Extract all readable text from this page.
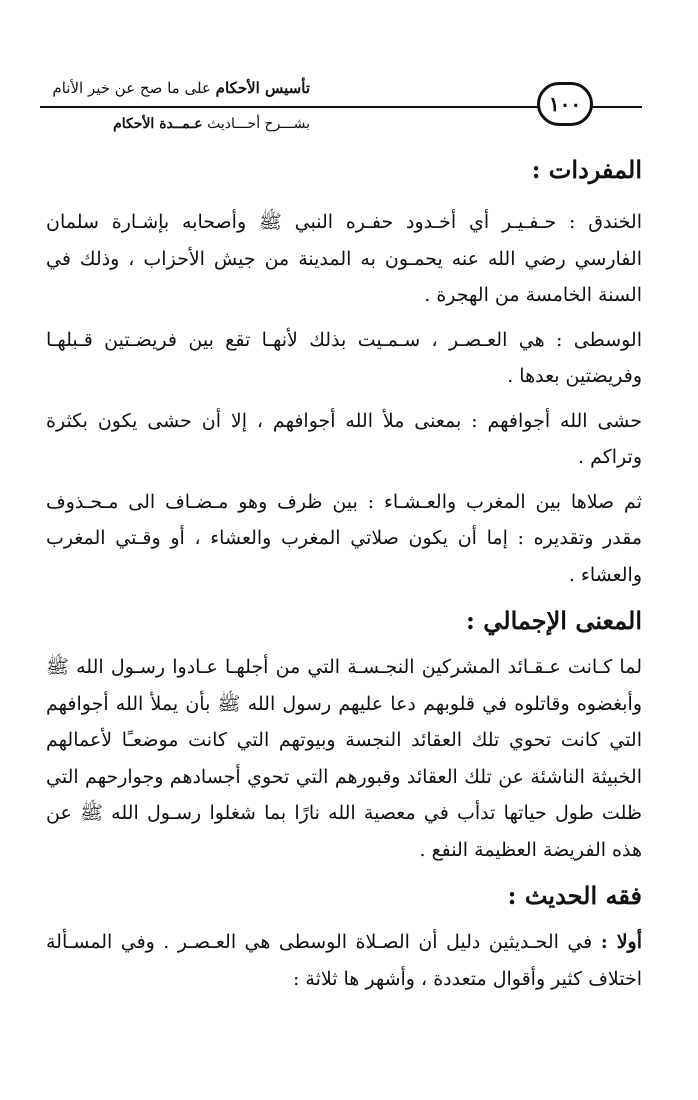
تأسيس الأحكام على ما صح عن خير الأنام
١٠٠
بشـــرح أحـــاديث عـمــدة الأحكام

المفردات :

الخندق : حـفـيـر أي أخـدود حفـره النبي ﷺ وأصحابه بإشـارة سلمان الفارسي رضي الله عنه يحمـون به المدينة من جيش الأحزاب ، وذلك في السنة الخامسة من الهجرة .

الوسطى : هي العـصـر ، سـمـيت بذلك لأنهـا تقع بين فريضـتين قـبلهـا وفريضتين بعدها .

حشى الله أجوافهم : بمعنى ملأ الله أجوافهم ، إلا أن حشى يكون بكثرة وتراكم .

ثم صلاها بين المغرب والعـشـاء : بين ظرف وهو مـضـاف الى مـحـذوف مقدر وتقديره : إما أن يكون صلاتي المغرب والعشاء ، أو وقـتي المغرب والعشاء .

المعنى الإجمالي :

لما كـانت عـقـائد المشركين النجـسـة التي من أجلهـا عـادوا رسـول الله ﷺ وأبغضوه وقاتلوه في قلوبهم دعا عليهم رسول الله ﷺ بأن يملأ الله أجوافهم التي كانت تحوي تلك العقائد النجسة وبيوتهم التي كانت موضعـًا لأعمالهم الخبيثة الناشئة عن تلك العقائد وقبورهم التي تحوي أجسادهم وجوارحهم التي ظلت طول حياتها تدأب في معصية الله نارًا بما شغلوا رسـول الله ﷺ عن هذه الفريضة العظيمة النفع .

فقه الحديث :

أولا : في الحـديثين دليل أن الصـلاة الوسطى هي العـصـر . وفي المسـألة اختلاف كثير وأقوال متعددة ، وأشهر ها ثلاثة :
